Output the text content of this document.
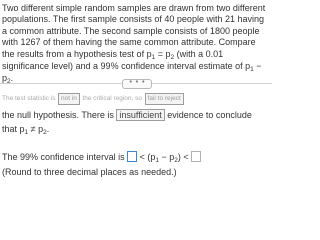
Two different simple random samples are drawn from two different populations. The first sample consists of 40 people with 21 having a common attribute. The second sample consists of 1800 people with 1267 of them having the same common attribute. Compare the results from a hypothesis test of $p_1 = p_2$ (with a 0.01 significance level) and a 99% confidence interval estimate of $p_1 - p_2$.	• • •
The test statistic is not in the critical region, so fail to reject
the null hypothesis. There is insufficient evidence to conclude
that $p_1 \ne p_2$.
The 99% confidence interval is  < $(p_1 - p_2)$ <
(Round to three decimal places as needed.)
